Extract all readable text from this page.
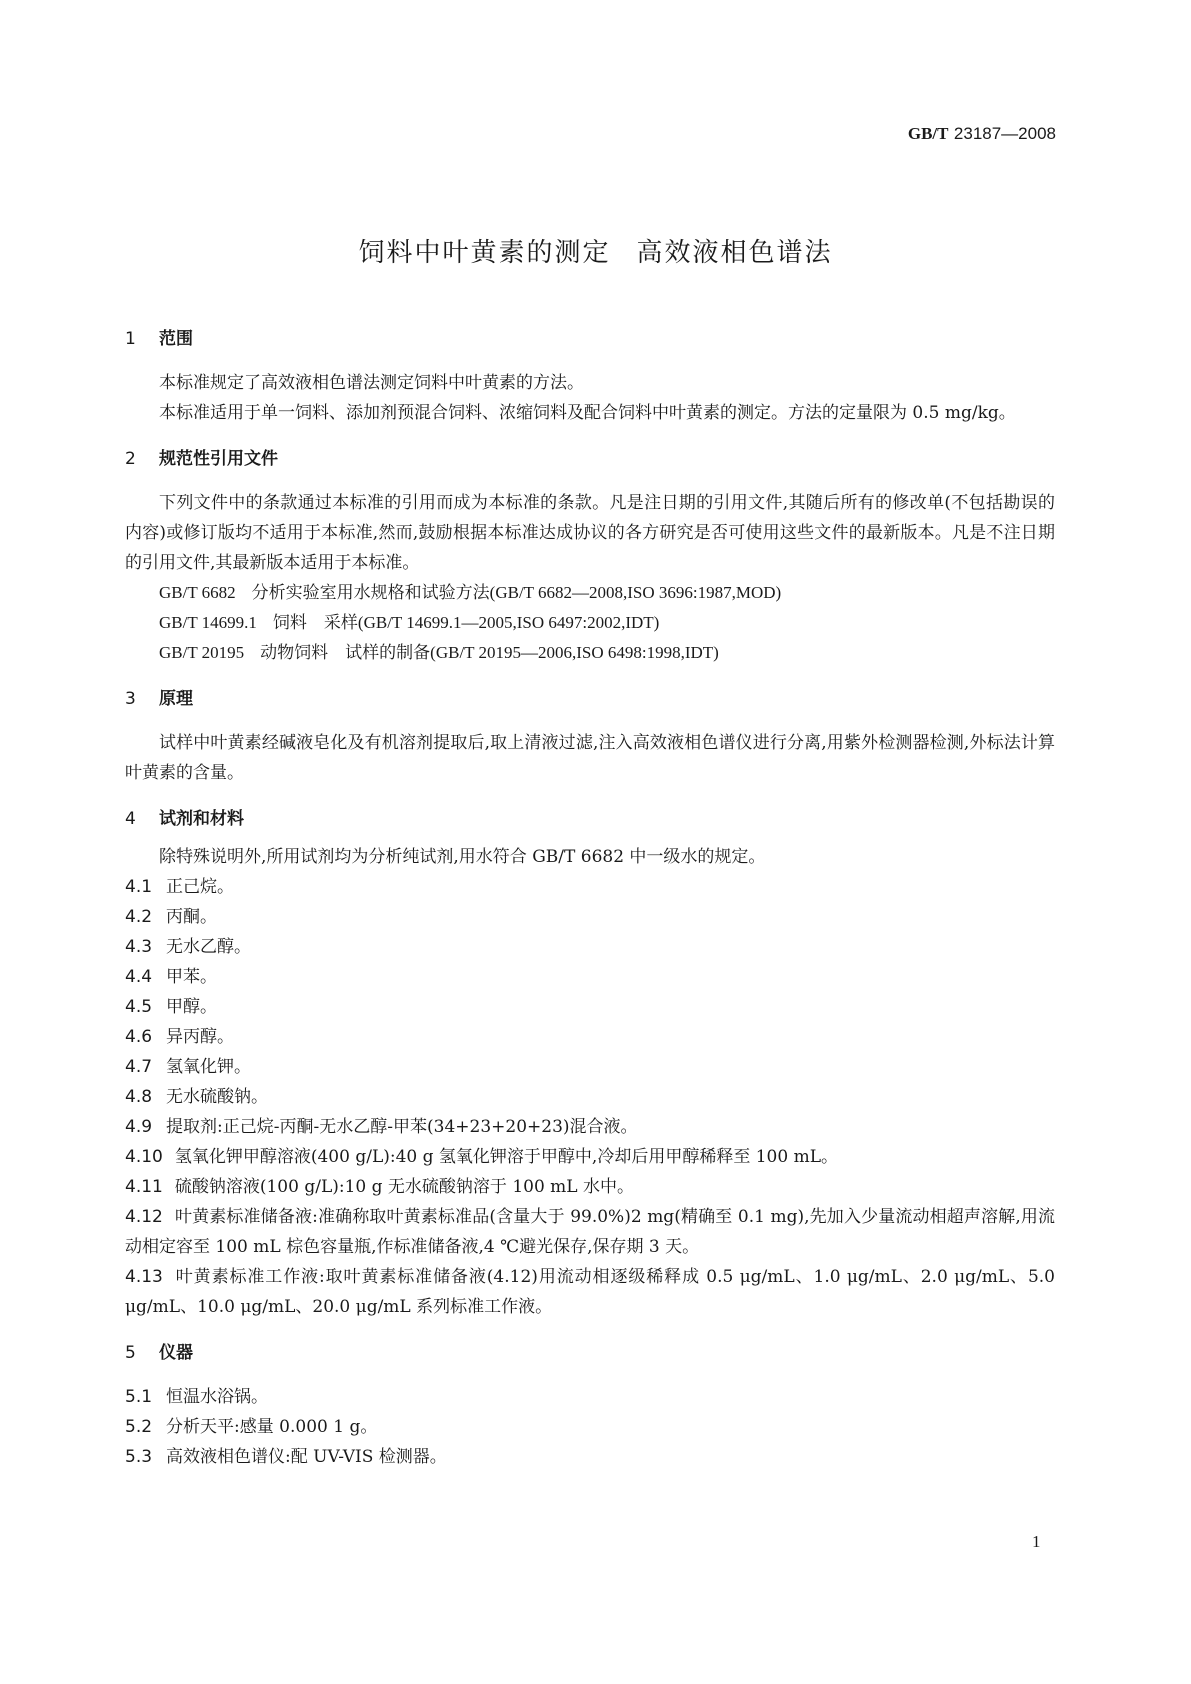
GB/T 23187—2008
饲料中叶黄素的测定 高效液相色谱法

1 范围

本标准规定了高效液相色谱法测定饲料中叶黄素的方法。

本标准适用于单一饲料、添加剂预混合饲料、浓缩饲料及配合饲料中叶黄素的测定。方法的定量限为 0.5 mg/kg。

2 规范性引用文件

下列文件中的条款通过本标准的引用而成为本标准的条款。凡是注日期的引用文件,其随后所有的修改单(不包括勘误的内容)或修订版均不适用于本标准,然而,鼓励根据本标准达成协议的各方研究是否可使用这些文件的最新版本。凡是不注日期的引用文件,其最新版本适用于本标准。

GB/T 6682 分析实验室用水规格和试验方法(GB/T 6682—2008,ISO 3696:1987,MOD)

GB/T 14699.1 饲料　采样(GB/T 14699.1—2005,ISO 6497:2002,IDT)

GB/T 20195 动物饲料　试样的制备(GB/T 20195—2006,ISO 6498:1998,IDT)

3 原理

试样中叶黄素经碱液皂化及有机溶剂提取后,取上清液过滤,注入高效液相色谱仪进行分离,用紫外检测器检测,外标法计算叶黄素的含量。

4 试剂和材料

除特殊说明外,所用试剂均为分析纯试剂,用水符合 GB/T 6682 中一级水的规定。

4.1 正己烷。

4.2 丙酮。

4.3 无水乙醇。

4.4 甲苯。

4.5 甲醇。

4.6 异丙醇。

4.7 氢氧化钾。

4.8 无水硫酸钠。

4.9 提取剂:正己烷-丙酮-无水乙醇-甲苯(34+23+20+23)混合液。

4.10 氢氧化钾甲醇溶液(400 g/L):40 g 氢氧化钾溶于甲醇中,冷却后用甲醇稀释至 100 mL。

4.11 硫酸钠溶液(100 g/L):10 g 无水硫酸钠溶于 100 mL 水中。

4.12 叶黄素标准储备液:准确称取叶黄素标准品(含量大于 99.0%)2 mg(精确至 0.1 mg),先加入少量流动相超声溶解,用流动相定容至 100 mL 棕色容量瓶,作标准储备液,4 ℃避光保存,保存期 3 天。

4.13 叶黄素标准工作液:取叶黄素标准储备液(4.12)用流动相逐级稀释成 0.5 μg/mL、1.0 μg/mL、2.0 μg/mL、5.0 μg/mL、10.0 μg/mL、20.0 μg/mL 系列标准工作液。

5 仪器

5.1 恒温水浴锅。

5.2 分析天平:感量 0.000 1 g。

5.3 高效液相色谱仪:配 UV-VIS 检测器。

1
